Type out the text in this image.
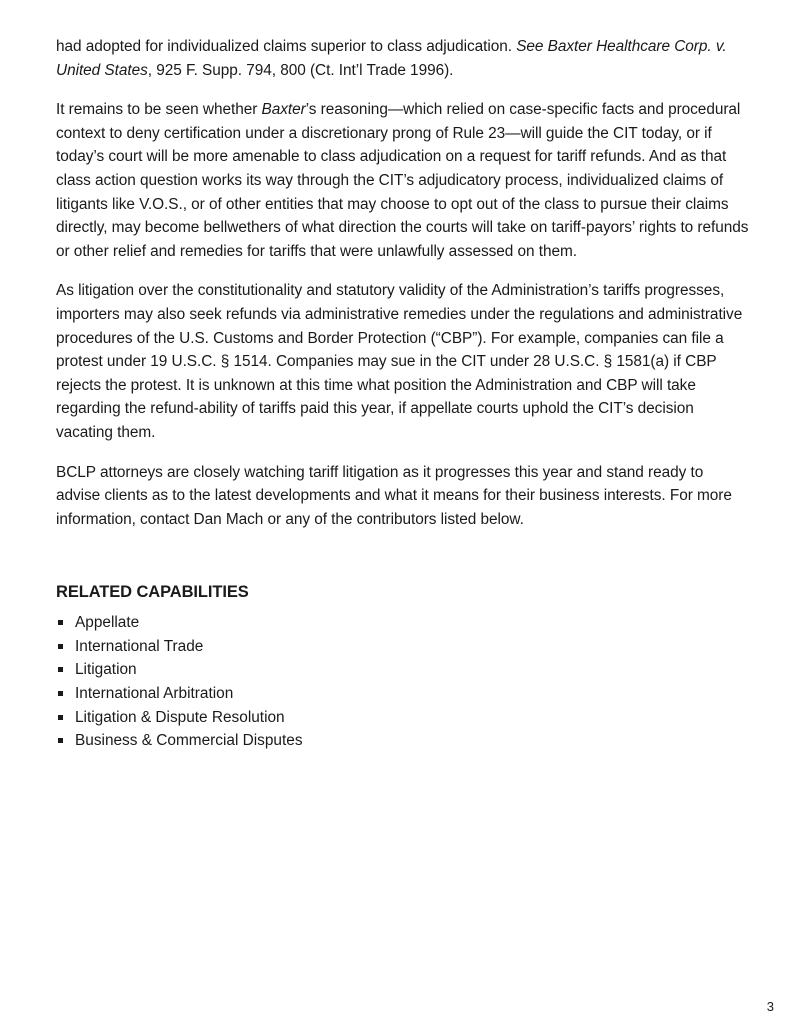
had adopted for individualized claims superior to class adjudication. See Baxter Healthcare Corp. v. United States, 925 F. Supp. 794, 800 (Ct. Int’l Trade 1996).

It remains to be seen whether Baxter’s reasoning—which relied on case-specific facts and procedural context to deny certification under a discretionary prong of Rule 23—will guide the CIT today, or if today’s court will be more amenable to class adjudication on a request for tariff refunds. And as that class action question works its way through the CIT’s adjudicatory process, individualized claims of litigants like V.O.S., or of other entities that may choose to opt out of the class to pursue their claims directly, may become bellwethers of what direction the courts will take on tariff-payors’ rights to refunds or other relief and remedies for tariffs that were unlawfully assessed on them.

As litigation over the constitutionality and statutory validity of the Administration’s tariffs progresses, importers may also seek refunds via administrative remedies under the regulations and administrative procedures of the U.S. Customs and Border Protection (“CBP”). For example, companies can file a protest under 19 U.S.C. § 1514. Companies may sue in the CIT under 28 U.S.C. § 1581(a) if CBP rejects the protest. It is unknown at this time what position the Administration and CBP will take regarding the refund-ability of tariffs paid this year, if appellate courts uphold the CIT’s decision vacating them.

BCLP attorneys are closely watching tariff litigation as it progresses this year and stand ready to advise clients as to the latest developments and what it means for their business interests. For more information, contact Dan Mach or any of the contributors listed below.

RELATED CAPABILITIES
Appellate
International Trade
Litigation
International Arbitration
Litigation & Dispute Resolution
Business & Commercial Disputes
3
